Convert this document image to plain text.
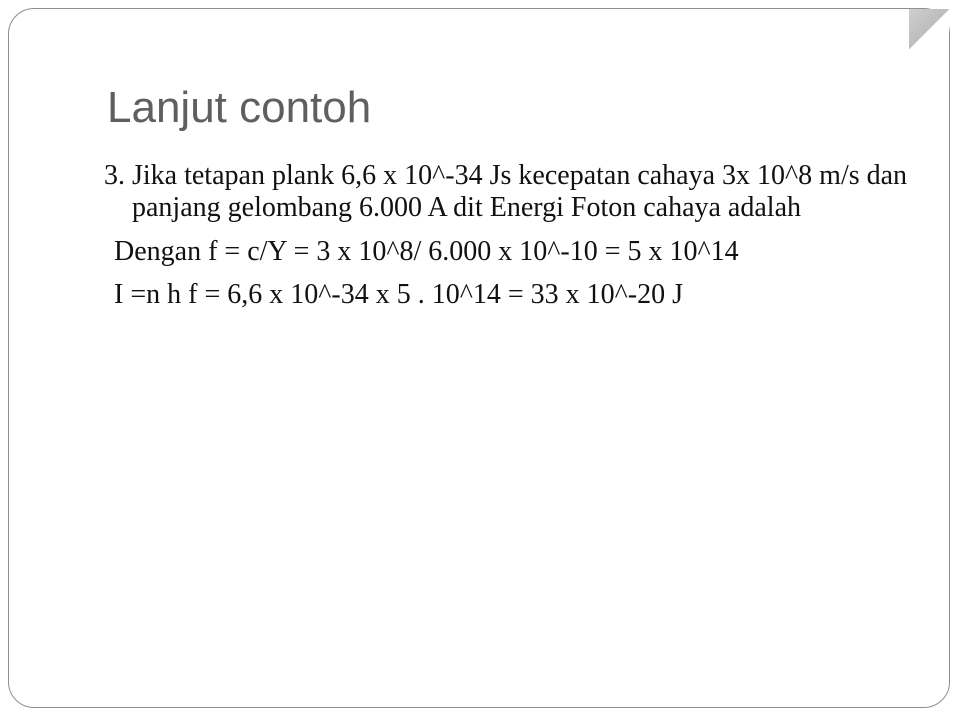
Lanjut contoh

3. Jika tetapan plank 6,6 x 10^-34 Js kecepatan cahaya 3x 10^8 m/s dan panjang gelombang 6.000 A dit Energi Foton cahaya adalah

Dengan f = c/Y = 3 x 10^8/ 6.000 x 10^-10 = 5 x 10^14

I =n h f = 6,6 x 10^-34 x 5 . 10^14 = 33 x 10^-20 J
